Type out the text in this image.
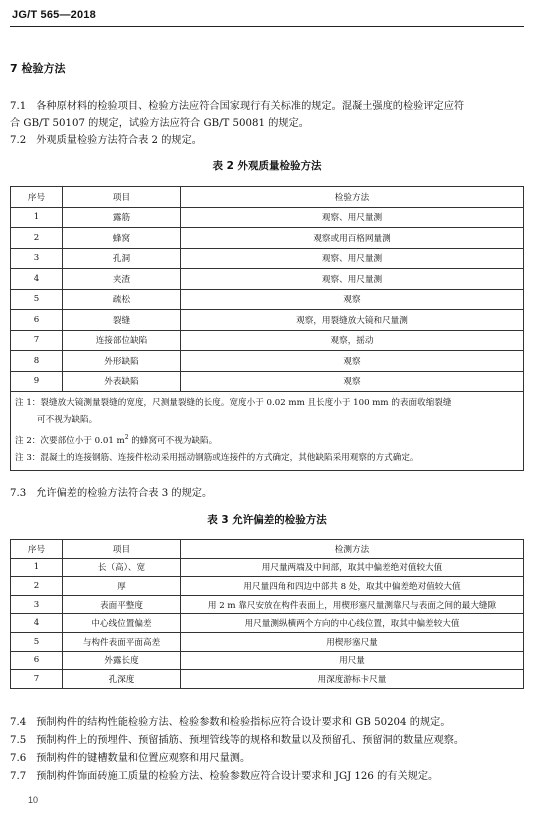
JG/T 565—2018
7 检验方法
7.1 各种原材料的检验项目、检验方法应符合国家现行有关标准的规定。混凝土强度的检验评定应符
合 GB/T 50107 的规定，试验方法应符合 GB/T 50081 的规定。
7.2 外观质量检验方法符合表 2 的规定。
表 2 外观质量检验方法
序号	项目	检验方法
1	露筋	观察、用尺量测
2	蜂窝	观察或用百格网量测
3	孔洞	观察、用尺量测
4	夹渣	观察、用尺量测
5	疏松	观察
6	裂缝	观察，用裂缝放大镜和尺量测
7	连接部位缺陷	观察，摇动
8	外形缺陷	观察
9	外表缺陷	观察

注 1：裂缝放大镜测量裂缝的宽度，尺测量裂缝的长度。宽度小于 0.02 mm 且长度小于 100 mm 的表面收缩裂缝
可不视为缺陷。
注 2：次要部位小于 0.01 $m^2$ 的蜂窝可不视为缺陷。
注 3：混凝土的连接钢筋、连接件松动采用摇动钢筋或连接件的方式确定，其他缺陷采用观察的方式确定。		
7.3 允许偏差的检验方法符合表 3 的规定。
表 3 允许偏差的检验方法
序号	项目	检测方法
1	长（高）、宽	用尺量两端及中间部，取其中偏差绝对值较大值
2	厚	用尺量四角和四边中部共 8 处，取其中偏差绝对值较大值
3	表面平整度	用 2 m 靠尺安放在构件表面上，用楔形塞尺量测靠尺与表面之间的最大缝隙
4	中心线位置偏差	用尺量测纵横两个方向的中心线位置，取其中偏差较大值
5	与构件表面平面高差	用楔形塞尺量
6	外露长度	用尺量
7	孔深度	用深度游标卡尺量
7.4 预制构件的结构性能检验方法、检验参数和检验指标应符合设计要求和 GB 50204 的规定。
7.5 预制构件上的预埋件、预留插筋、预埋管线等的规格和数量以及预留孔、预留洞的数量应观察。
7.6 预制构件的键槽数量和位置应观察和用尺量测。
7.7 预制构件饰面砖施工质量的检验方法、检验参数应符合设计要求和 JGJ 126 的有关规定。
10
